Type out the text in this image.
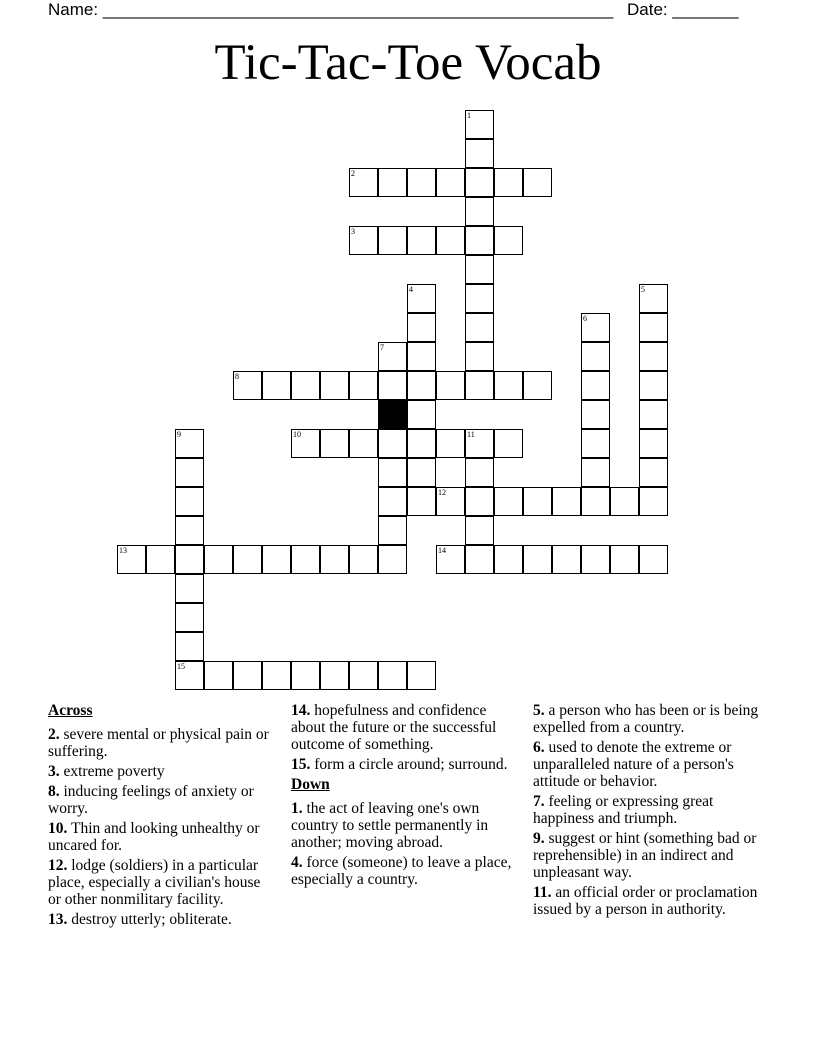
Name: ______________________________________________________ Date: _______
Tic-Tac-Toe Vocab
1
2
3
4	5
6
7
8
9
15
10	11
12
13	14
Across
2. severe mental or physical pain or suffering.
3. extreme poverty
8. inducing feelings of anxiety or worry.
10. Thin and looking unhealthy or uncared for.
12. lodge (soldiers) in a particular place, especially a civilian's house or other nonmilitary facility.
13. destroy utterly; obliterate.
14. hopefulness and confidence about the future or the successful outcome of something.
15. form a circle around; surround.
Down
1. the act of leaving one's own country to settle permanently in another; moving abroad.
4. force (someone) to leave a place, especially a country.
5. a person who has been or is being expelled from a country.
6. used to denote the extreme or unparalleled nature of a person's attitude or behavior.
7. feeling or expressing great happiness and triumph.
9. suggest or hint (something bad or reprehensible) in an indirect and unpleasant way.
11. an official order or proclamation issued by a person in authority.
